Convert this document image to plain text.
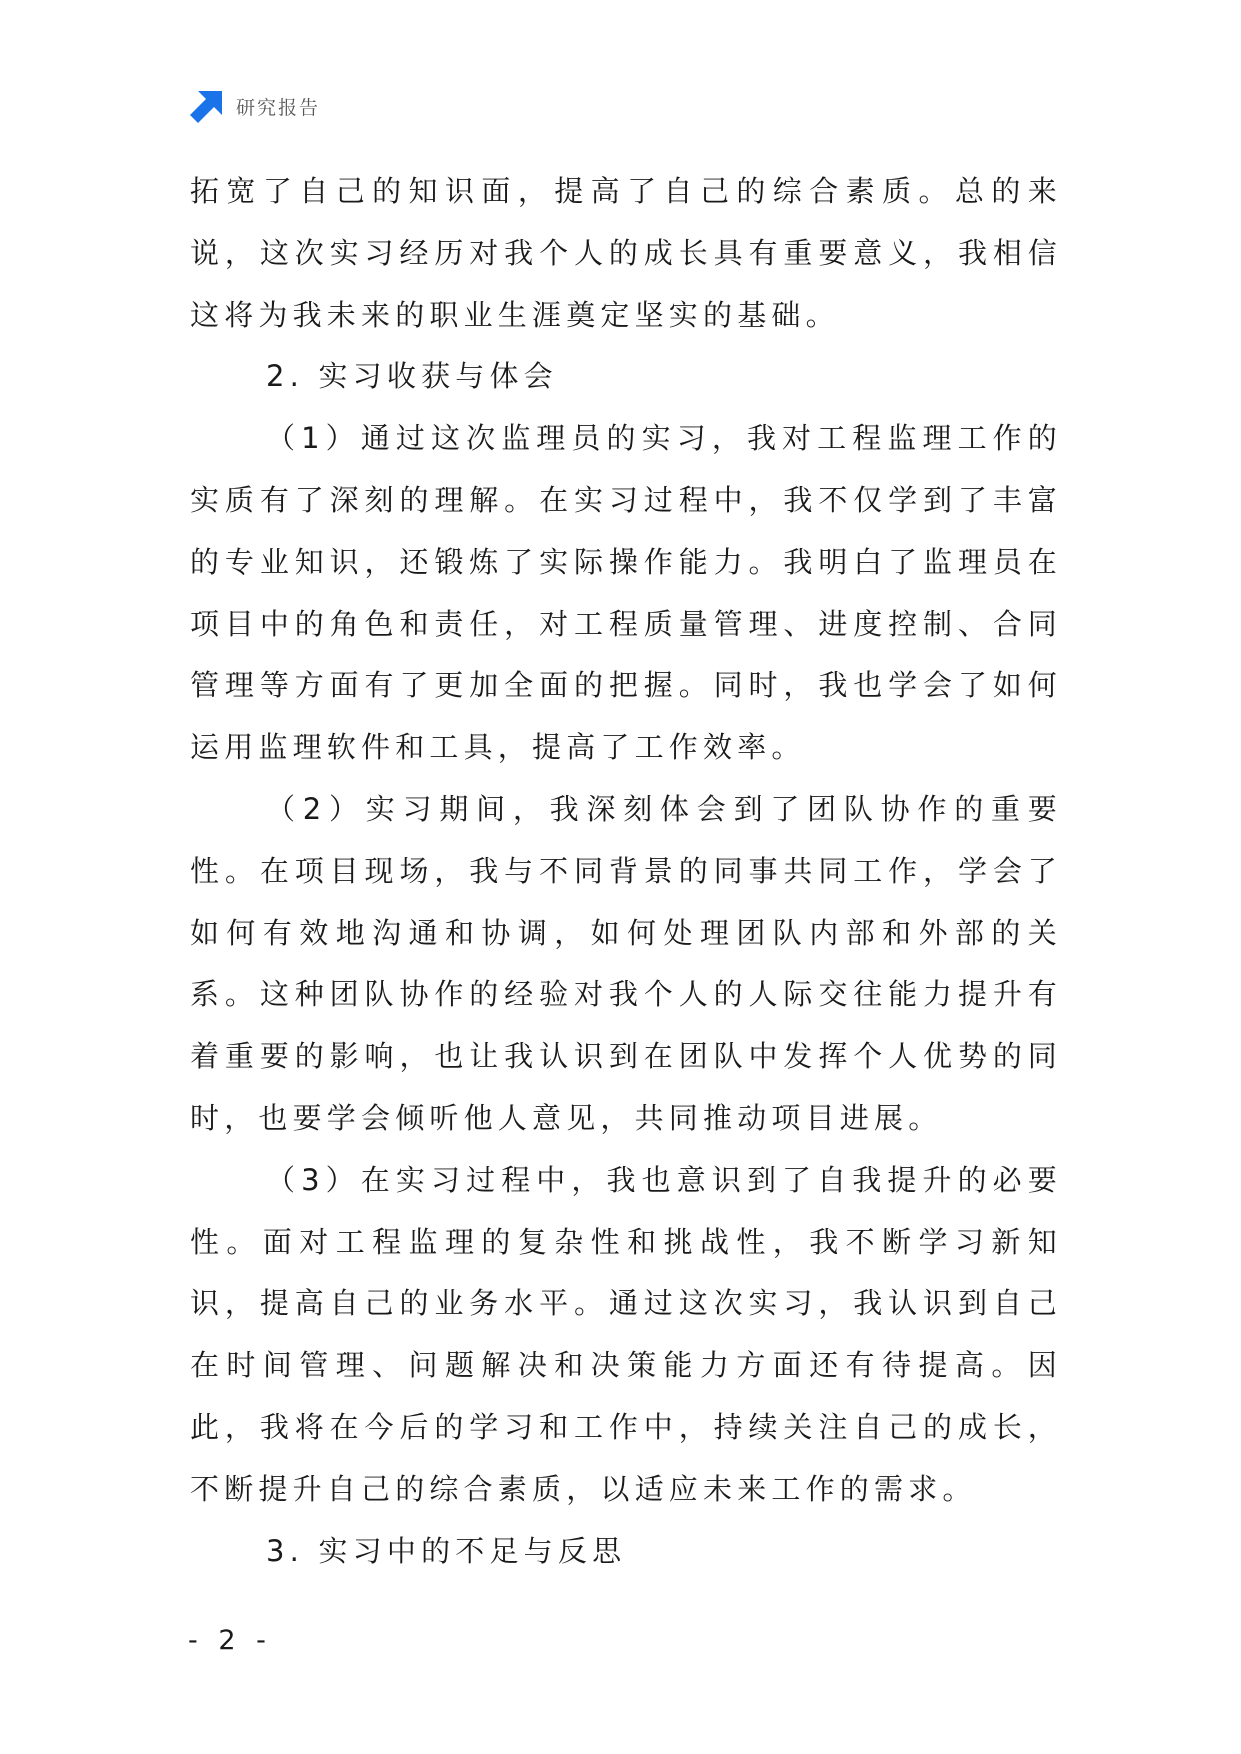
研究报告

拓宽了自己的知识面，提高了自己的综合素质。总的来说，这次实习经历对我个人的成长具有重要意义，我相信这将为我未来的职业生涯奠定坚实的基础。

2. 实习收获与体会

（1）通过这次监理员的实习，我对工程监理工作的实质有了深刻的理解。在实习过程中，我不仅学到了丰富的专业知识，还锻炼了实际操作能力。我明白了监理员在项目中的角色和责任，对工程质量管理、进度控制、合同管理等方面有了更加全面的把握。同时，我也学会了如何运用监理软件和工具，提高了工作效率。

（2）实习期间，我深刻体会到了团队协作的重要性。在项目现场，我与不同背景的同事共同工作，学会了如何有效地沟通和协调，如何处理团队内部和外部的关系。这种团队协作的经验对我个人的人际交往能力提升有着重要的影响，也让我认识到在团队中发挥个人优势的同时，也要学会倾听他人意见，共同推动项目进展。

（3）在实习过程中，我也意识到了自我提升的必要性。面对工程监理的复杂性和挑战性，我不断学习新知识，提高自己的业务水平。通过这次实习，我认识到自己在时间管理、问题解决和决策能力方面还有待提高。因此，我将在今后的学习和工作中，持续关注自己的成长，不断提升自己的综合素质，以适应未来工作的需求。

3. 实习中的不足与反思

- 2 -
